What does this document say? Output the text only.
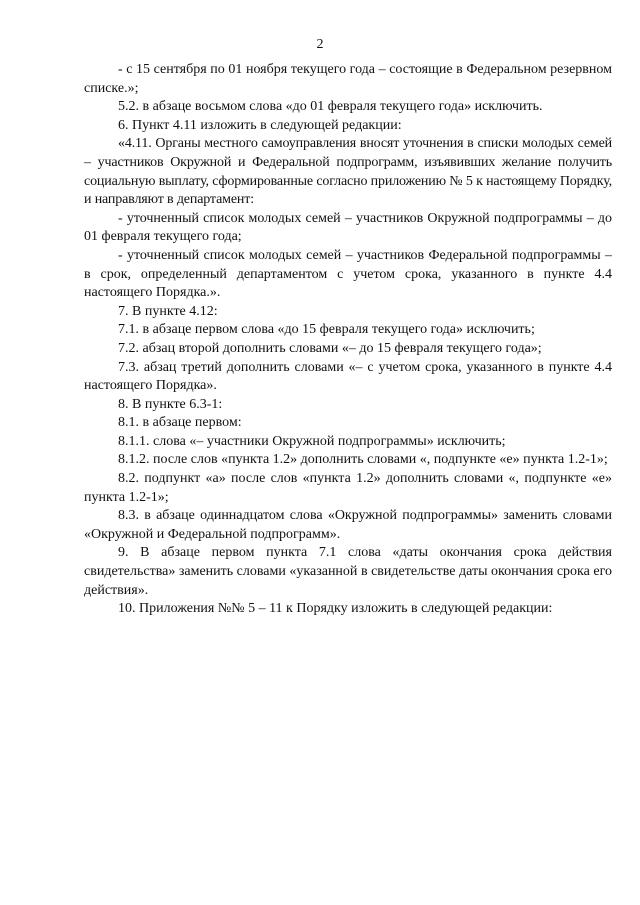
2

- с 15 сентября по 01 ноября текущего года – состоящие в Федеральном резервном списке.»;

5.2. в абзаце восьмом слова «до 01 февраля текущего года» исключить.

6. Пункт 4.11 изложить в следующей редакции:

«4.11. Органы местного самоуправления вносят уточнения в списки молодых семей – участников Окружной и Федеральной подпрограмм, изъявивших желание получить социальную выплату, сформированные согласно приложению № 5 к настоящему Порядку, и направляют в департамент:

- уточненный список молодых семей – участников Окружной подпрограммы – до 01 февраля текущего года;

- уточненный список молодых семей – участников Федеральной подпрограммы – в срок, определенный департаментом с учетом срока, указанного в пункте 4.4 настоящего Порядка.».

7. В пункте 4.12:

7.1. в абзаце первом слова «до 15 февраля текущего года» исключить;

7.2. абзац второй дополнить словами «– до 15 февраля текущего года»;

7.3. абзац третий дополнить словами «– с учетом срока, указанного в пункте 4.4 настоящего Порядка».

8. В пункте 6.3-1:

8.1. в абзаце первом:

8.1.1. слова «– участники Окружной подпрограммы» исключить;

8.1.2. после слов «пункта 1.2» дополнить словами «, подпункте «е» пункта 1.2-1»;

8.2. подпункт «а» после слов «пункта 1.2» дополнить словами «, подпункте «е» пункта 1.2-1»;

8.3. в абзаце одиннадцатом слова «Окружной подпрограммы» заменить словами «Окружной и Федеральной подпрограмм».

9. В абзаце первом пункта 7.1 слова «даты окончания срока действия свидетельства» заменить словами «указанной в свидетельстве даты окончания срока его действия».

10. Приложения №№ 5 – 11 к Порядку изложить в следующей редакции:
